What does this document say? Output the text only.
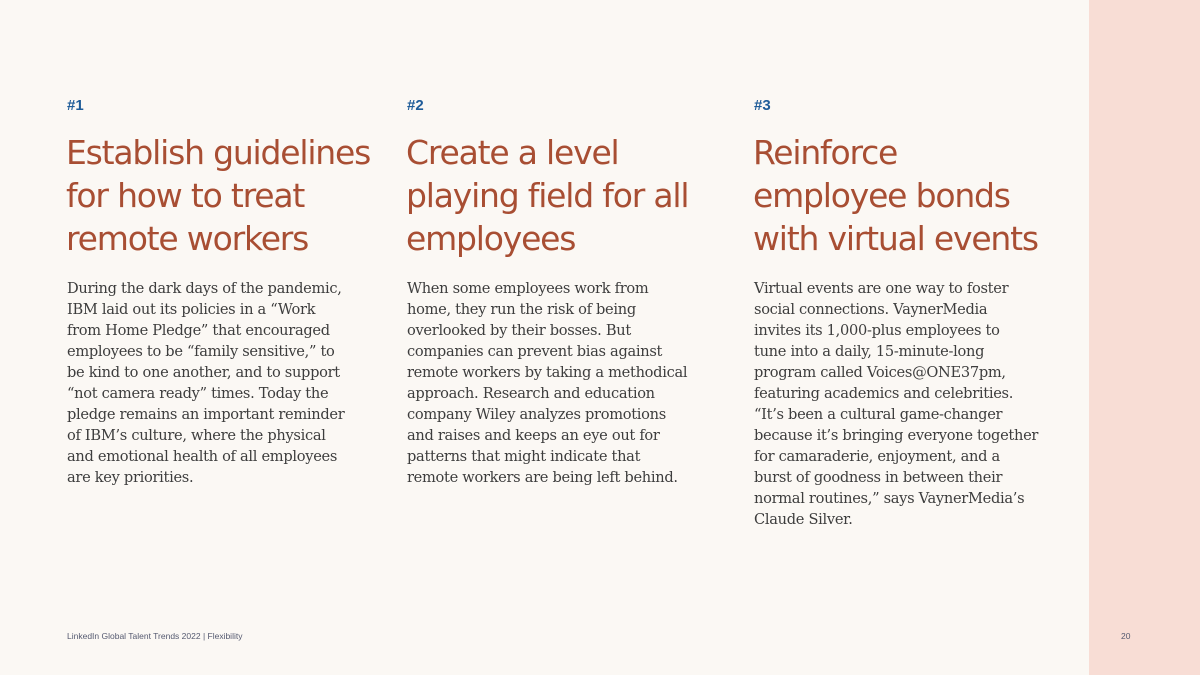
#1
Establish guidelines
for how to treat
remote workers

During the dark days of the pandemic,
IBM laid out its policies in a “Work
from Home Pledge” that encouraged
employees to be “family sensitive,” to
be kind to one another, and to support
“not camera ready” times. Today the
pledge remains an important reminder
of IBM’s culture, where the physical
and emotional health of all employees
are key priorities.

#2
Create a level
playing field for all
employees

When some employees work from
home, they run the risk of being
overlooked by their bosses. But
companies can prevent bias against
remote workers by taking a methodical
approach. Research and education
company Wiley analyzes promotions
and raises and keeps an eye out for
patterns that might indicate that
remote workers are being left behind.

#3
Reinforce
employee bonds
with virtual events

Virtual events are one way to foster
social connections. VaynerMedia
invites its 1,000-plus employees to
tune into a daily, 15-minute-long
program called Voices@ONE37pm,
featuring academics and celebrities.
“It’s been a cultural game-changer
because it’s bringing everyone together
for camaraderie, enjoyment, and a
burst of goodness in between their
normal routines,” says VaynerMedia’s
Claude Silver.

LinkedIn Global Talent Trends 2022 | Flexibility	20
